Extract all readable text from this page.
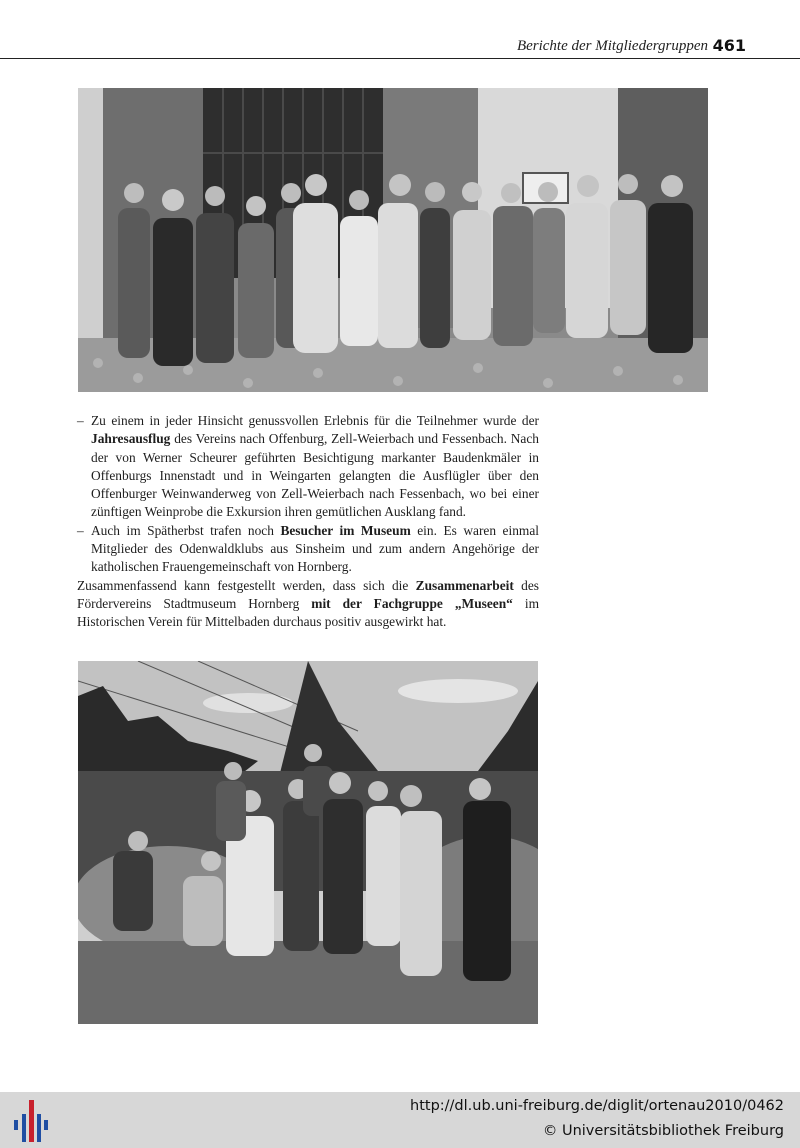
Berichte der Mitgliedergruppen 461

– Zu einem in jeder Hinsicht genussvollen Erlebnis für die Teilnehmer wurde der Jahresausflug des Vereins nach Offenburg, Zell-Weierbach und Fessenbach. Nach der von Werner Scheurer geführten Besichtigung markanter Baudenkmäler in Offenburgs Innenstadt und in Weingarten gelangten die Ausflügler über den Offenburger Weinwanderweg von Zell-Weierbach nach Fessenbach, wo bei einer zünftigen Weinprobe die Exkursion ihren gemütlichen Ausklang fand.

– Auch im Spätherbst trafen noch Besucher im Museum ein. Es waren einmal Mitglieder des Odenwaldklubs aus Sinsheim und zum andern Angehörige der katholischen Frauengemeinschaft von Hornberg.

Zusammenfassend kann festgestellt werden, dass sich die Zusammenarbeit des Fördervereins Stadtmuseum Hornberg mit der Fachgruppe „Museen“ im Historischen Verein für Mittelbaden durchaus positiv ausgewirkt hat.

http://dl.ub.uni-freiburg.de/diglit/ortenau2010/0462
© Universitätsbibliothek Freiburg
